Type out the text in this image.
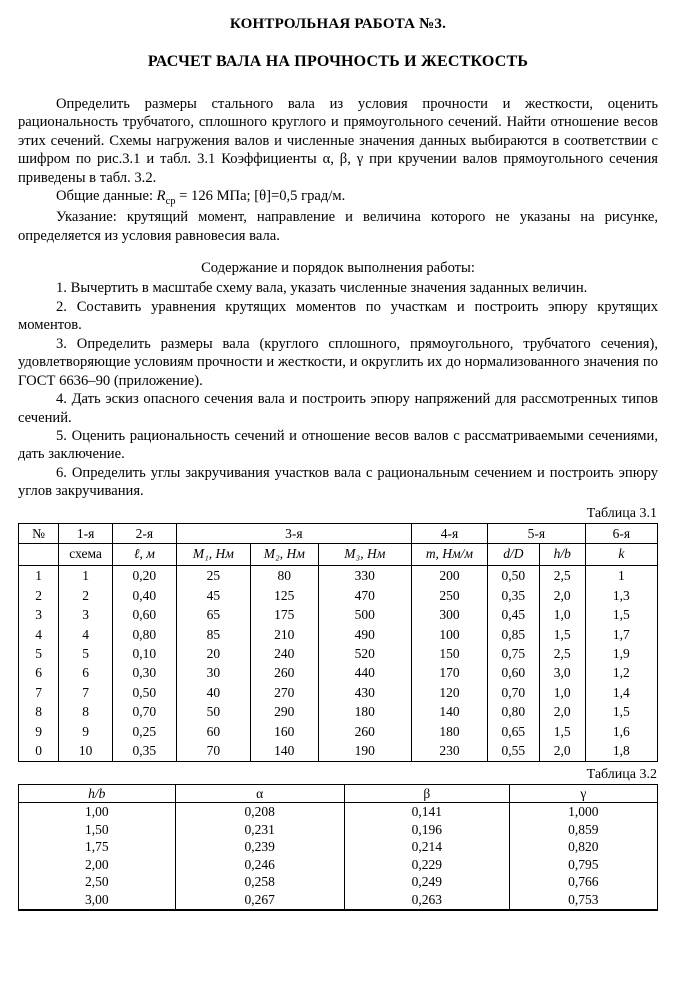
КОНТРОЛЬНАЯ РАБОТА №3.
РАСЧЕТ ВАЛА НА ПРОЧНОСТЬ И ЖЕСТКОСТЬ

Определить размеры стального вала из условия прочности и жесткости, оценить рациональность трубчатого, сплошного круглого и прямоугольного сечений. Найти отношение весов этих сечений. Схемы нагружения валов и численные значения данных выбираются в соответствии с шифром по рис.3.1 и табл. 3.1 Коэффициенты α, β, γ при кручении валов прямоугольного сечения приведены в табл. 3.2.

Общие данные: $R_{ср} = 126$ МПа; [θ]=0,5 град/м.

Указание: крутящий момент, направление и величина которого не указаны на рисунке, определяется из условия равновесия вала.

Содержание и порядок выполнения работы:

1. Вычертить в масштабе схему вала, указать численные значения заданных величин.

2. Составить уравнения крутящих моментов по участкам и построить эпюру крутящих моментов.

3. Определить размеры вала (круглого сплошного, прямоугольного, трубчатого сечения), удовлетворяющие условиям прочности и жесткости, и округлить их до нормализованного значения по ГОСТ 6636–90 (приложение).

4. Дать эскиз опасного сечения вала и построить эпюру напряжений для рассмотренных типов сечений.

5. Оценить рациональность сечений и отношение весов валов с рассматриваемыми сечениями, дать заключение.

6. Определить углы закручивания участков вала с рациональным сечением и построить эпюру углов закручивания.

Таблица 3.1
№	1-я	2-я	3-я			4-я	5-я		6-я
	схема	ℓ, м	M₁, Нм	M₂, Нм	M₃, Нм	m, Нм/м	d/D	h/b	k
1	1	0,20	25	80	330	200	0,50	2,5	1
2	2	0,40	45	125	470	250	0,35	2,0	1,3
3	3	0,60	65	175	500	300	0,45	1,0	1,5
4	4	0,80	85	210	490	100	0,85	1,5	1,7
5	5	0,10	20	240	520	150	0,75	2,5	1,9
6	6	0,30	30	260	440	170	0,60	3,0	1,2
7	7	0,50	40	270	430	120	0,70	1,0	1,4
8	8	0,70	50	290	180	140	0,80	2,0	1,5
9	9	0,25	60	160	260	180	0,65	1,5	1,6
0	10	0,35	70	140	190	230	0,55	2,0	1,8
Таблица 3.2
h/b	α	β	γ
1,00	0,208	0,141	1,000
1,50	0,231	0,196	0,859
1,75	0,239	0,214	0,820
2,00	0,246	0,229	0,795
2,50	0,258	0,249	0,766
3,00	0,267	0,263	0,753
